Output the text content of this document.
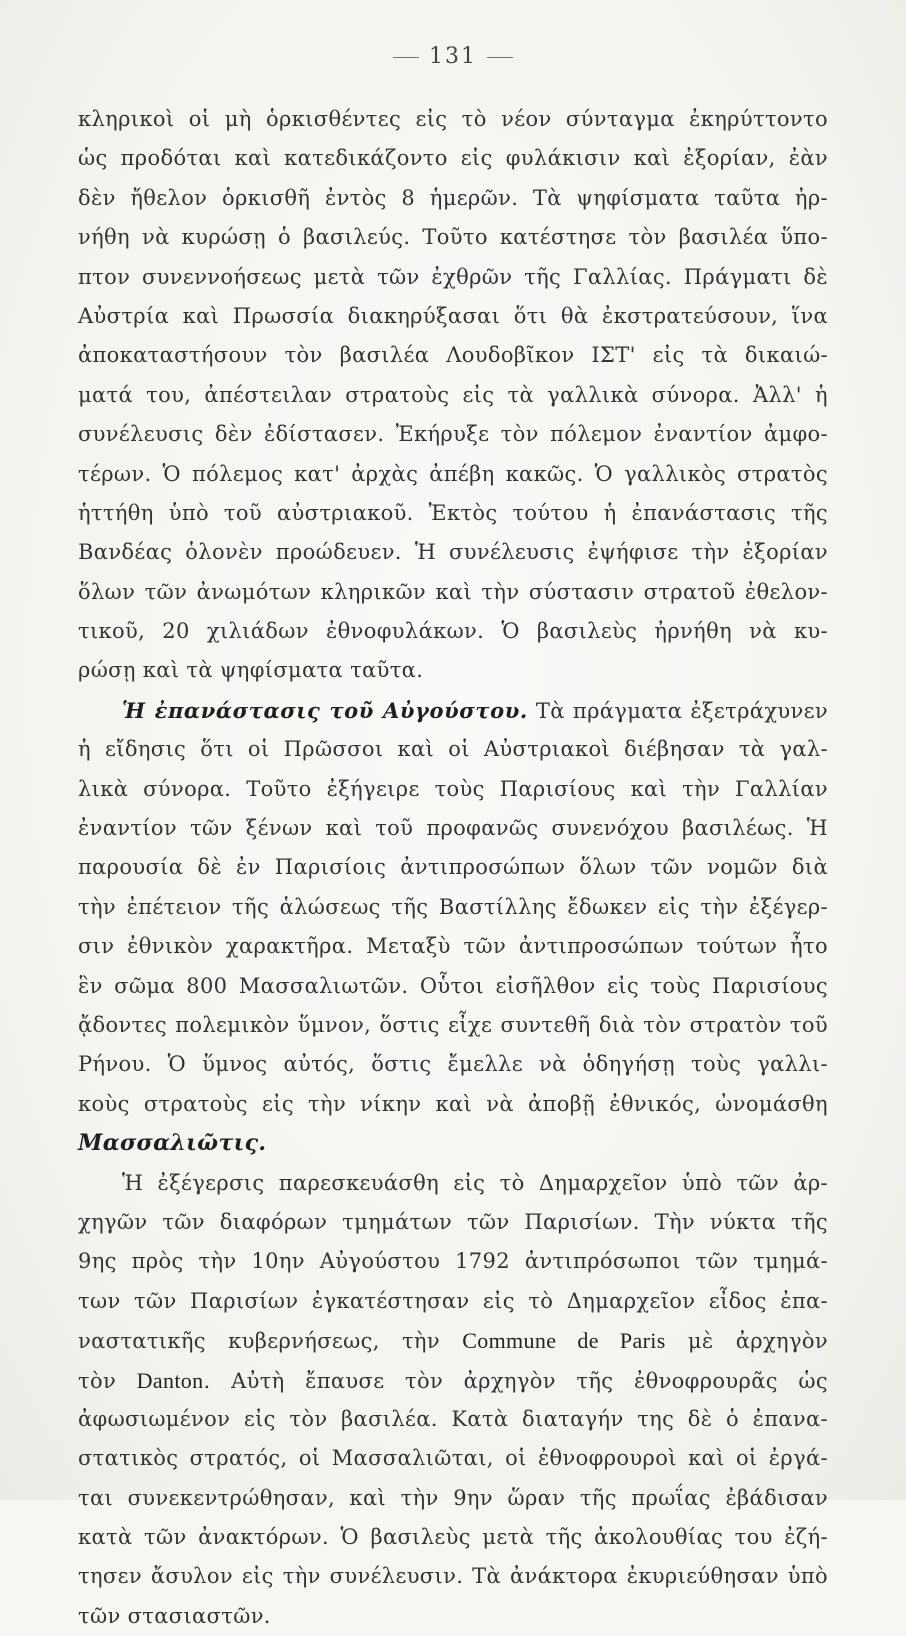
131
κληρικοὶ οἱ μὴ ὁρκισθέντες εἰς τὸ νέον σύνταγμα ἐκηρύττοντο
ὡς προδόται καὶ κατεδικάζοντο εἰς φυλάκισιν καὶ ἐξορίαν, ἐὰν
δὲν ἤθελον ὁρκισθῆ ἐντὸς 8 ἡμερῶν. Τὰ ψηφίσματα ταῦτα ἠρ-
νήθη νὰ κυρώσῃ ὁ βασιλεύς. Τοῦτο κατέστησε τὸν βασιλέα ὕπο-
πτον συνεννοήσεως μετὰ τῶν ἐχθρῶν τῆς Γαλλίας. Πράγματι δὲ
Αὐστρία καὶ Πρωσσία διακηρύξασαι ὅτι θὰ ἐκστρατεύσουν, ἵνα
ἀποκαταστήσουν τὸν βασιλέα Λουδοβῖκον ΙΣΤ' εἰς τὰ δικαιώ-
ματά του, ἀπέστειλαν στρατοὺς εἰς τὰ γαλλικὰ σύνορα. Ἀλλ' ἡ
συνέλευσις δὲν ἐδίστασεν. Ἐκήρυξε τὸν πόλεμον ἐναντίον ἀμφο-
τέρων. Ὁ πόλεμος κατ' ἀρχὰς ἀπέβη κακῶς. Ὁ γαλλικὸς στρατὸς
ἡττήθη ὑπὸ τοῦ αὐστριακοῦ. Ἐκτὸς τούτου ἡ ἐπανάστασις τῆς
Βανδέας ὁλονὲν προώδευεν. Ἡ συνέλευσις ἐψήφισε τὴν ἐξορίαν
ὅλων τῶν ἀνωμότων κληρικῶν καὶ τὴν σύστασιν στρατοῦ ἐθελον-
τικοῦ, 20 χιλιάδων ἐθνοφυλάκων. Ὁ βασιλεὺς ἠρνήθη νὰ κυ-
ρώσῃ καὶ τὰ ψηφίσματα ταῦτα.
Ἡ ἐπανάστασις τοῦ Αὐγούστου. Τὰ πράγματα ἐξετράχυνεν
ἡ εἴδησις ὅτι οἱ Πρῶσσοι καὶ οἱ Αὐστριακοὶ διέβησαν τὰ γαλ-
λικὰ σύνορα. Τοῦτο ἐξήγειρε τοὺς Παρισίους καὶ τὴν Γαλλίαν
ἐναντίον τῶν ξένων καὶ τοῦ προφανῶς συνενόχου βασιλέως. Ἡ
παρουσία δὲ ἐν Παρισίοις ἀντιπροσώπων ὅλων τῶν νομῶν διὰ
τὴν ἐπέτειον τῆς ἁλώσεως τῆς Βαστίλλης ἔδωκεν εἰς τὴν ἐξέγερ-
σιν ἐθνικὸν χαρακτῆρα. Μεταξὺ τῶν ἀντιπροσώπων τούτων ἦτο
ἓν σῶμα 800 Μασσαλιωτῶν. Οὗτοι εἰσῆλθον εἰς τοὺς Παρισίους
ᾄδοντες πολεμικὸν ὕμνον, ὅστις εἶχε συντεθῆ διὰ τὸν στρατὸν τοῦ
Ρήνου. Ὁ ὕμνος αὐτός, ὅστις ἔμελλε νὰ ὁδηγήσῃ τοὺς γαλλι-
κοὺς στρατοὺς εἰς τὴν νίκην καὶ νὰ ἀποβῇ ἐθνικός, ὠνομάσθη
Μασσαλιῶτις.
Ἡ ἐξέγερσις παρεσκευάσθη εἰς τὸ Δημαρχεῖον ὑπὸ τῶν ἀρ-
χηγῶν τῶν διαφόρων τμημάτων τῶν Παρισίων. Τὴν νύκτα τῆς
9ης πρὸς τὴν 10ην Αὐγούστου 1792 ἀντιπρόσωποι τῶν τμημά-
των τῶν Παρισίων ἐγκατέστησαν εἰς τὸ Δημαρχεῖον εἶδος ἐπα-
ναστατικῆς κυβερνήσεως, τὴν Commune de Paris μὲ ἀρχηγὸν
τὸν Danton. Αὐτὴ ἔπαυσε τὸν ἀρχηγὸν τῆς ἐθνοφρουρᾶς ὡς
ἀφωσιωμένον εἰς τὸν βασιλέα. Κατὰ διαταγήν της δὲ ὁ ἐπανα-
στατικὸς στρατός, οἱ Μασσαλιῶται, οἱ ἐθνοφρουροὶ καὶ οἱ ἐργά-
ται συνεκεντρώθησαν, καὶ τὴν 9ην ὥραν τῆς πρωΐας ἐβάδισαν
κατὰ τῶν ἀνακτόρων. Ὁ βασιλεὺς μετὰ τῆς ἀκολουθίας του ἐζή-
τησεν ἄσυλον εἰς τὴν συνέλευσιν. Τὰ ἀνάκτορα ἐκυριεύθησαν ὑπὸ
τῶν στασιαστῶν.
